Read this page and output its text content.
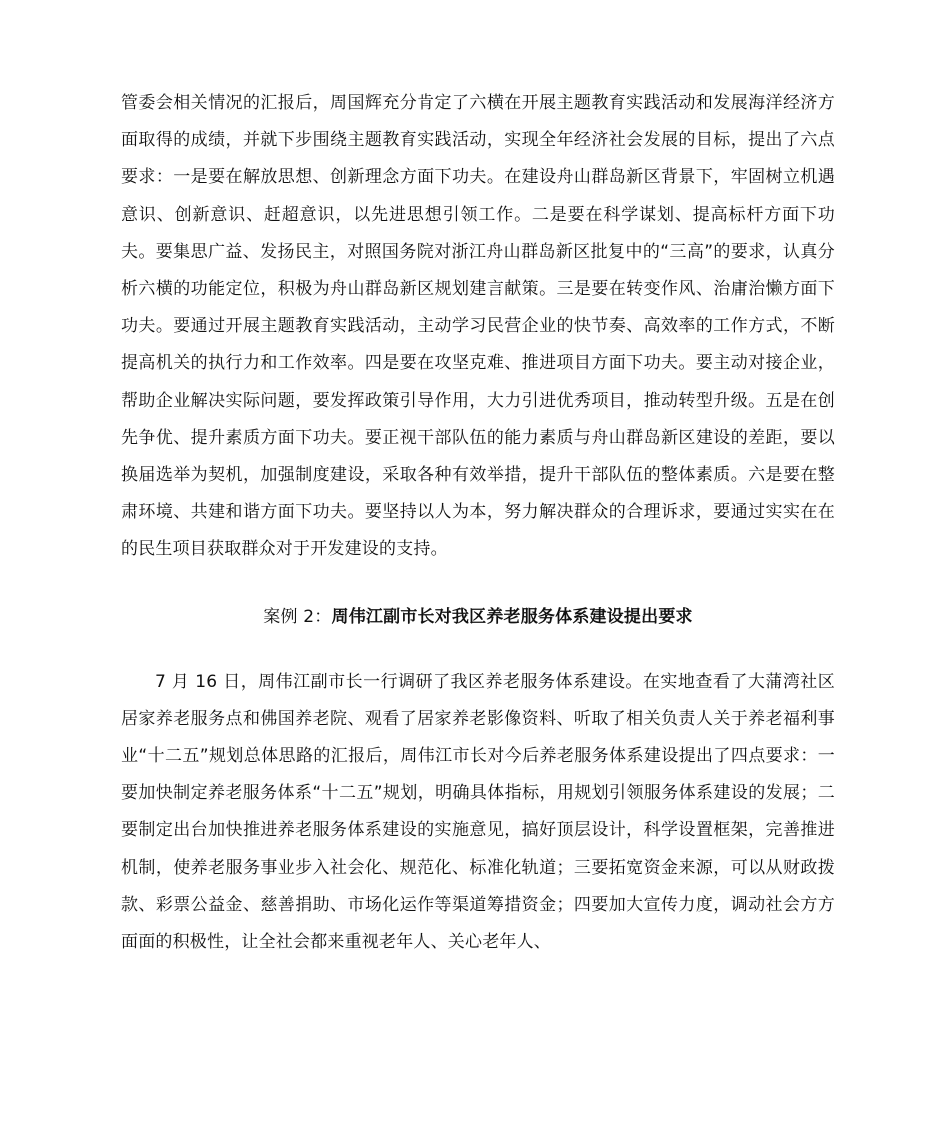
管委会相关情况的汇报后，周国辉充分肯定了六横在开展主题教育实践活动和发展海洋经济方面取得的成绩，并就下步围绕主题教育实践活动，实现全年经济社会发展的目标，提出了六点要求：一是要在解放思想、创新理念方面下功夫。在建设舟山群岛新区背景下，牢固树立机遇意识、创新意识、赶超意识，以先进思想引领工作。二是要在科学谋划、提高标杆方面下功夫。要集思广益、发扬民主，对照国务院对浙江舟山群岛新区批复中的“三高”的要求，认真分析六横的功能定位，积极为舟山群岛新区规划建言献策。三是要在转变作风、治庸治懒方面下功夫。要通过开展主题教育实践活动，主动学习民营企业的快节奏、高效率的工作方式，不断提高机关的执行力和工作效率。四是要在攻坚克难、推进项目方面下功夫。要主动对接企业，帮助企业解决实际问题，要发挥政策引导作用，大力引进优秀项目，推动转型升级。五是在创先争优、提升素质方面下功夫。要正视干部队伍的能力素质与舟山群岛新区建设的差距，要以换届选举为契机，加强制度建设，采取各种有效举措，提升干部队伍的整体素质。六是要在整肃环境、共建和谐方面下功夫。要坚持以人为本，努力解决群众的合理诉求，要通过实实在在的民生项目获取群众对于开发建设的支持。

案例 2：周伟江副市长对我区养老服务体系建设提出要求

7 月 16 日，周伟江副市长一行调研了我区养老服务体系建设。在实地查看了大蒲湾社区居家养老服务点和佛国养老院、观看了居家养老影像资料、听取了相关负责人关于养老福利事业“十二五”规划总体思路的汇报后，周伟江市长对今后养老服务体系建设提出了四点要求：一要加快制定养老服务体系“十二五”规划，明确具体指标，用规划引领服务体系建设的发展；二要制定出台加快推进养老服务体系建设的实施意见，搞好顶层设计，科学设置框架，完善推进机制，使养老服务事业步入社会化、规范化、标准化轨道；三要拓宽资金来源，可以从财政拨款、彩票公益金、慈善捐助、市场化运作等渠道筹措资金；四要加大宣传力度，调动社会方方面面的积极性，让全社会都来重视老年人、关心老年人、
